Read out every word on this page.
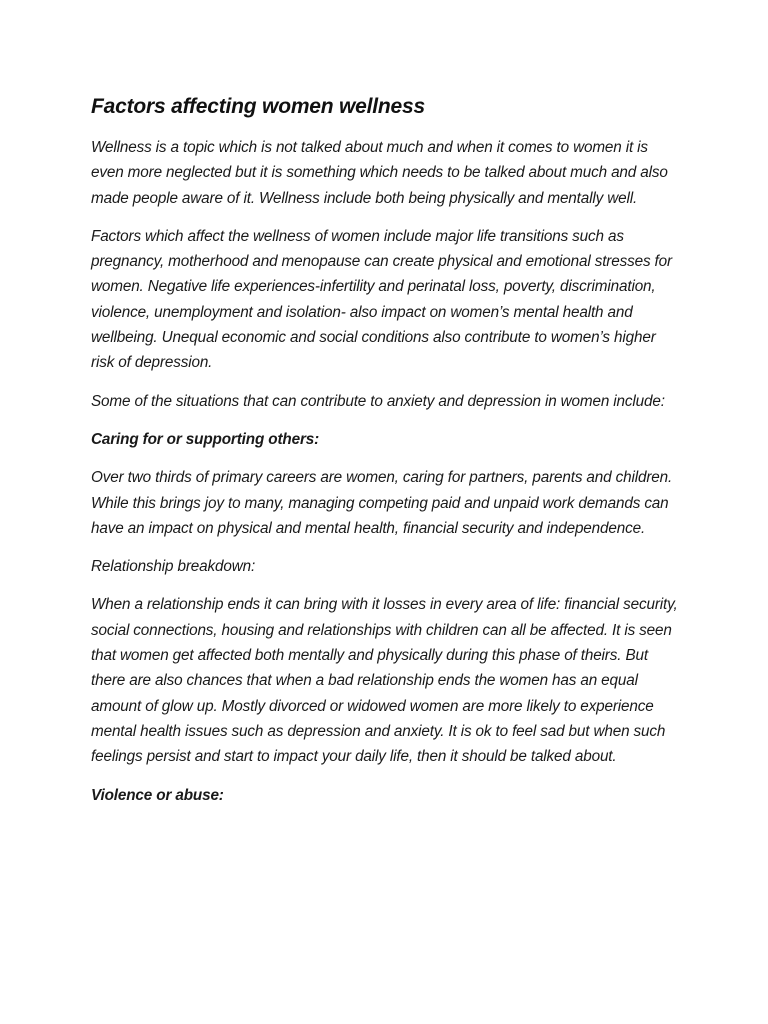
Factors affecting women wellness

Wellness is a topic which is not talked about much and when it comes to women it is even more neglected but it is something which needs to be talked about much and also made people aware of it. Wellness include both being physically and mentally well.

Factors which affect the wellness of women include major life transitions such as pregnancy, motherhood and menopause can create physical and emotional stresses for women. Negative life experiences-infertility and perinatal loss, poverty, discrimination, violence, unemployment and isolation- also impact on women’s mental health and wellbeing. Unequal economic and social conditions also contribute to women’s higher risk of depression.

Some of the situations that can contribute to anxiety and depression in women include:

Caring for or supporting others:

Over two thirds of primary careers are women, caring for partners, parents and children. While this brings joy to many, managing competing paid and unpaid work demands can have an impact on physical and mental health, financial security and independence.

Relationship breakdown:

When a relationship ends it can bring with it losses in every area of life: financial security, social connections, housing and relationships with children can all be affected. It is seen that women get affected both mentally and physically during this phase of theirs. But there are also chances that when a bad relationship ends the women has an equal amount of glow up. Mostly divorced or widowed women are more likely to experience mental health issues such as depression and anxiety. It is ok to feel sad but when such feelings persist and start to impact your daily life, then it should be talked about.

Violence or abuse:
